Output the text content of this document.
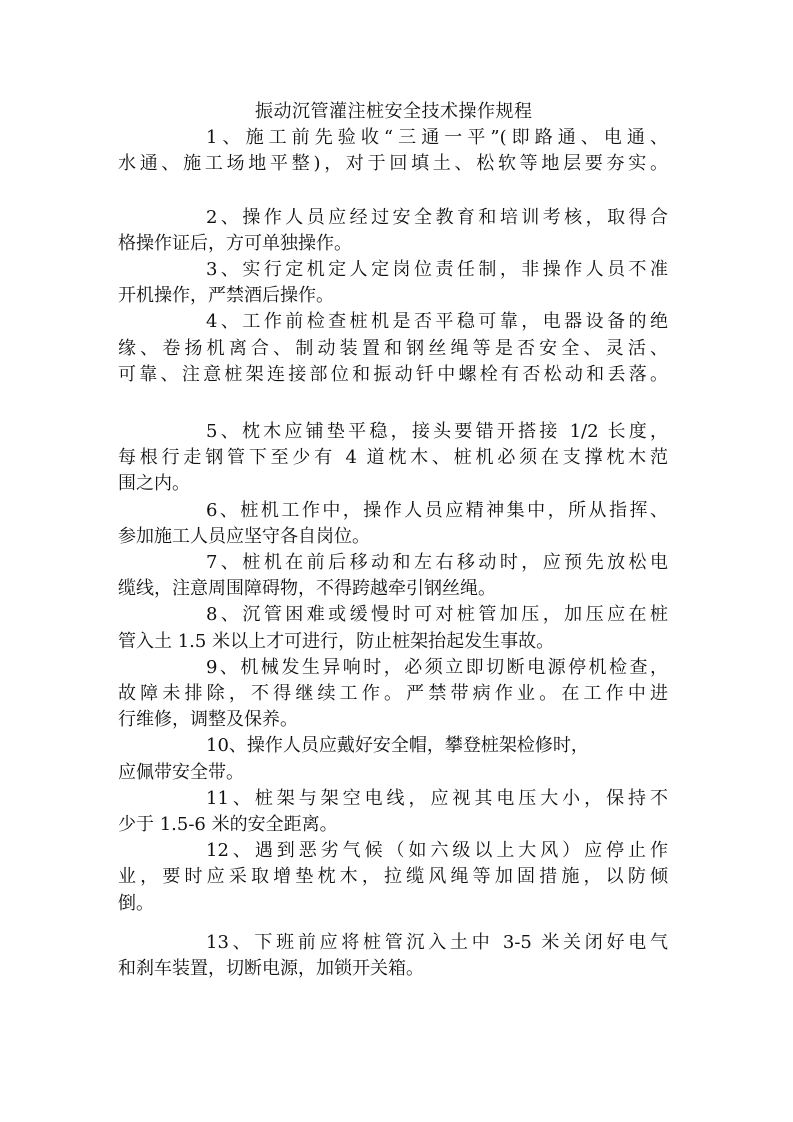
振动沉管灌注桩安全技术操作规程
1、施工前先验收“三通一平”(即路通、电通、
水通、施工场地平整)，对于回填土、松软等地层要夯实。
2、操作人员应经过安全教育和培训考核，取得合
格操作证后，方可单独操作。
3、实行定机定人定岗位责任制，非操作人员不准
开机操作，严禁酒后操作。
4、工作前检查桩机是否平稳可靠，电器设备的绝
缘、卷扬机离合、制动装置和钢丝绳等是否安全、灵活、
可靠、注意桩架连接部位和振动钎中螺栓有否松动和丢落。
5、枕木应铺垫平稳，接头要错开搭接 1/2 长度，
每根行走钢管下至少有 4 道枕木、桩机必须在支撑枕木范
围之内。
6、桩机工作中，操作人员应精神集中，所从指挥、
参加施工人员应坚守各自岗位。
7、桩机在前后移动和左右移动时，应预先放松电
缆线，注意周围障碍物，不得跨越牵引钢丝绳。
8、沉管困难或缓慢时可对桩管加压，加压应在桩
管入土 1.5 米以上才可进行，防止桩架抬起发生事故。
9、机械发生异响时，必须立即切断电源停机检查，
故障未排除，不得继续工作。严禁带病作业。在工作中进
行维修，调整及保养。
10、操作人员应戴好安全帽，攀登桩架检修时，
应佩带安全带。
11、桩架与架空电线，应视其电压大小，保持不
少于 1.5-6 米的安全距离。
12、遇到恶劣气候（如六级以上大风）应停止作
业，要时应采取增垫枕木，拉缆风绳等加固措施，以防倾
倒。
13、下班前应将桩管沉入土中 3-5 米关闭好电气
和刹车装置，切断电源，加锁开关箱。
